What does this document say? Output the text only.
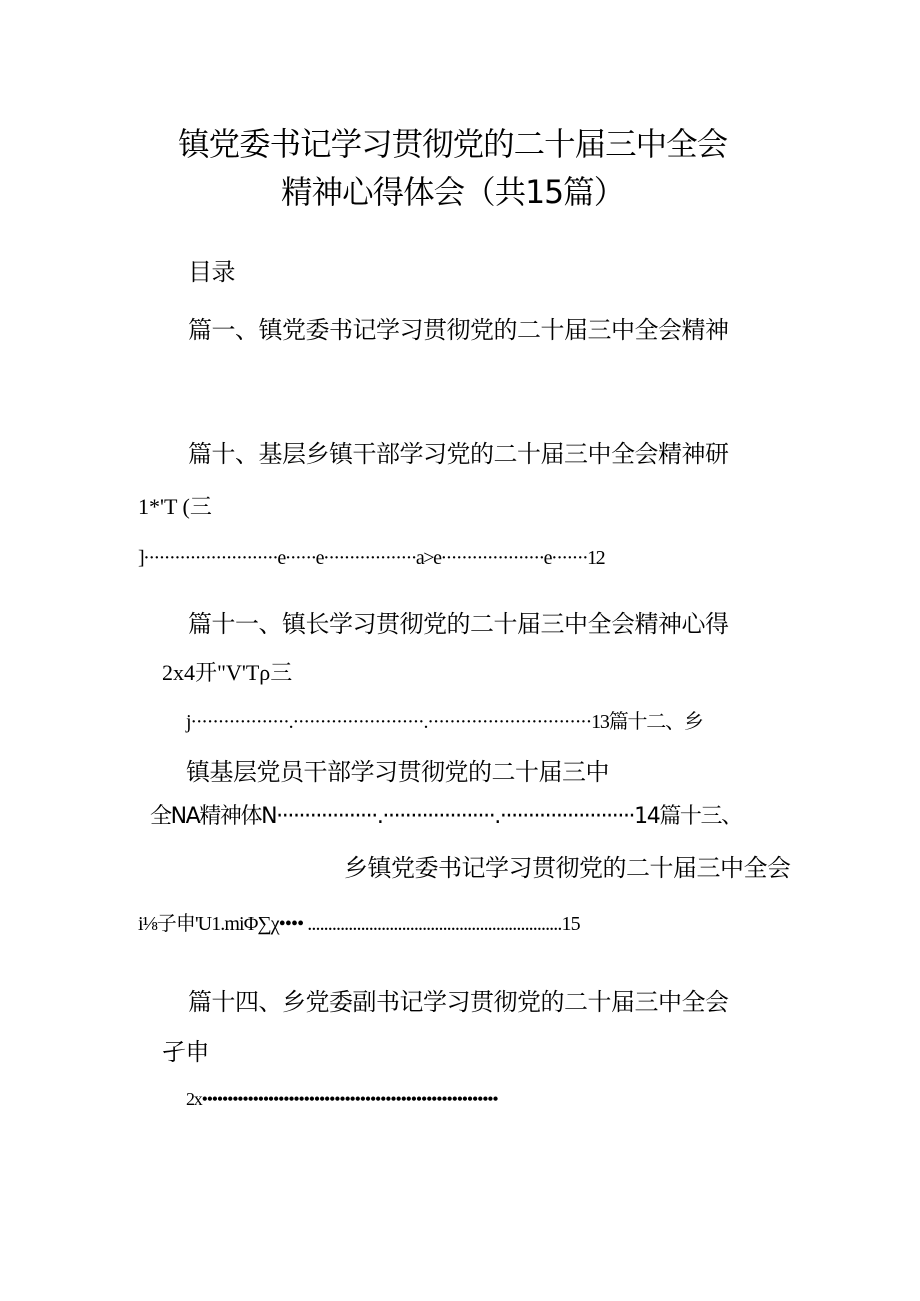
镇党委书记学习贯彻党的二十届三中全会
精神心得体会（共15篇）
目录
篇一、镇党委书记学习贯彻党的二十届三中全会精神
篇十、基层乡镇干部学习党的二十届三中全会精神研
1*'T (三
]··························e······e··················a>e····················e·······12
篇十一、镇长学习贯彻党的二十届三中全会精神心得
2x4开"V'Tρ三
j··················.························.······························13篇十二、乡
镇基层党员干部学习贯彻党的二十届三中
全NA精神体N··················.····················.························14篇十三、
乡镇党委书记学习贯彻党的二十届三中全会
i⅛子申'U1.miΦ∑χ•••• ..............................................................15
篇十四、乡党委副书记学习贯彻党的二十届三中全会
孑申
2x••••••••••••••••••••••••••••••••••••••••••••••••••••••••••
